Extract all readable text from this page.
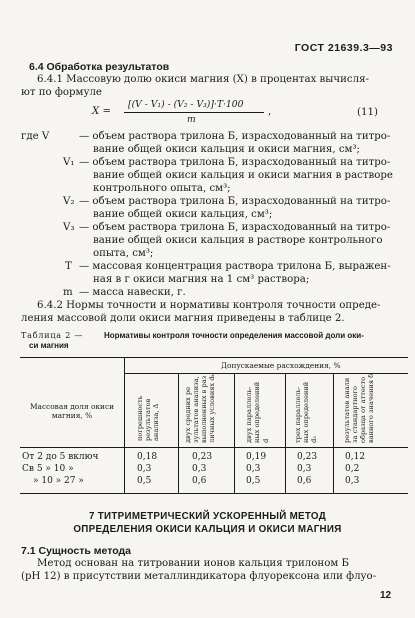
ГОСТ 21639.3—93
6.4 Обработка результатов
6.4.1 Массовую долю окиси магния (X) в процентах вычисля-
ют по формуле
X =
[(V - V₁) - (V₂ - V₃)]·T·100
m
,	(11)
где V	— объем раствора трилона Б, израсходованный на титро-
вание общей окиси кальция и окиси магния, см³;
V₁ — объем раствора трилона Б, израсходованный на титро-
вание общей окиси кальция и окиси магния в растворе
контрольного опыта, см³;
V₂ — объем раствора трилона Б, израсходованный на титро-
вание общей окиси кальция, см³;
V₃ — объем раствора трилона Б, израсходованный на титро-
вание общей окиси кальция в растворе контрольного
опыта, см³;
T — массовая концентрация раствора трилона Б, выражен-
ная в г окиси магния на 1 см³ раствора;
m — масса навески, г.
6.4.2 Нормы точности и нормативы контроля точности опреде-
ления массовой доли окиси магния приведены в таблице 2.
Таблица 2 —	Нормативы контроля точности определения массовой доли оки-
си магния
Допускаемые расхождения, %
Массовая доля окиси
магния, %	погрешность результатов анализа, Δ	двух средних ре зультатов анализа, выполненных в раз личных условиях dₖ	двух параллель- ных определений d	трех параллель- ных определений d₃	результатов анали за стандартного образца от аттесто ванного значения δ
От 2 до 5 включ	0,18	0,23	0,19	0,23	0,12
Св 5 » 10 »	0,3	0,3	0,3	0,3	0,2
» 10 » 27 »	0,5	0,6	0,5	0,6	0,3
7 ТИТРИМЕТРИЧЕСКИЙ УСКОРЕННЫЙ МЕТОД
ОПРЕДЕЛЕНИЯ ОКИСИ КАЛЬЦИЯ И ОКИСИ МАГНИЯ
7.1 Сущность метода
Метод основан на титровании ионов кальция трилоном Б
(рН 12) в присутствии металлиндикатора флуорексона или флуо-
12
